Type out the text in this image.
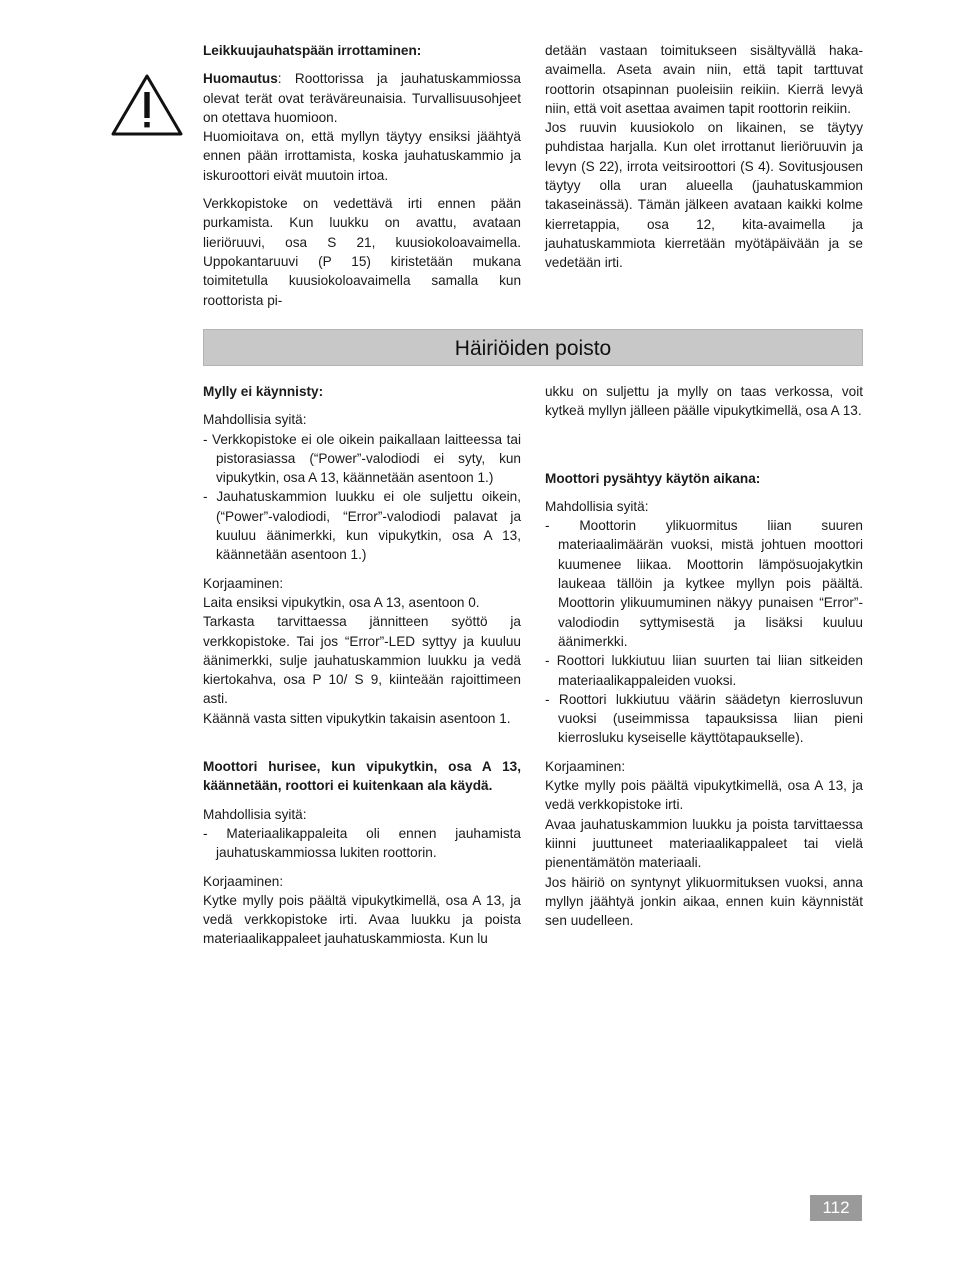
Leikkuujauhatspään irrottaminen:

Huomautus: Roottorissa ja jauhatuskammiossa olevat terät ovat teräväreunaisia. Turvallisuusohjeet on otettava huomioon.

Huomioitava on, että myllyn täytyy ensiksi jäähtyä ennen pään irrottamista, koska jauhatuskammio ja iskuroottori eivät muutoin irtoa.

Verkkopistoke on vedettävä irti ennen pään purkamista. Kun luukku on avattu, avataan lieriöruuvi, osa S 21, kuusiokoloavaimella. Uppokantaruuvi (P 15) kiristetään mukana toimitetulla kuusiokoloavaimella samalla kun roottorista pi-

detään vastaan toimitukseen sisältyvällä haka-avaimella. Aseta avain niin, että tapit tarttuvat roottorin otsapinnan puoleisiin reikiin. Kierrä levyä niin, että voit asettaa avaimen tapit roottorin reikiin.

Jos ruuvin kuusiokolo on likainen, se täytyy puhdistaa harjalla. Kun olet irrottanut lieriöruuvin ja levyn (S 22), irrota veitsiroottori (S 4). Sovitusjousen täytyy olla uran alueella (jauhatuskammion takaseinässä). Tämän jälkeen avataan kaikki kolme kierretappia, osa 12, kita-avaimella ja jauhatuskammiota kierretään myötäpäivään ja se vedetään irti.

Häiriöiden poisto

Mylly ei käynnisty:

Mahdollisia syitä:

- Verkkopistoke ei ole oikein paikallaan laitteessa tai pistorasiassa (“Power”-valodiodi ei syty, kun vipukytkin, osa A 13, käännetään asentoon 1.)

- Jauhatuskammion luukku ei ole suljettu oikein, (“Power”-valodiodi, “Error”-valodiodi palavat ja kuuluu äänimerkki, kun vipukytkin, osa A 13, käännetään asentoon 1.)

Korjaaminen:

Laita ensiksi vipukytkin, osa A 13, asentoon 0.

Tarkasta tarvittaessa jännitteen syöttö ja verkkopistoke. Tai jos “Error”-LED syttyy ja kuuluu äänimerkki, sulje jauhatuskammion luukku ja vedä kiertokahva, osa P 10/ S 9, kiinteään rajoittimeen asti.

Käännä vasta sitten vipukytkin takaisin asentoon 1.

Moottori hurisee, kun vipukytkin, osa A 13, käännetään, roottori ei kuitenkaan ala käydä.

Mahdollisia syitä:

- Materiaalikappaleita oli ennen jauhamista jauhatuskammiossa lukiten roottorin.

Korjaaminen:

Kytke mylly pois päältä vipukytkimellä, osa A 13, ja vedä verkkopistoke irti. Avaa luukku ja poista materiaalikappaleet jauhatuskammiosta. Kun lu

ukku on suljettu ja mylly on taas verkossa, voit kytkeä myllyn jälleen päälle vipukytkimellä, osa A 13.

Moottori pysähtyy käytön aikana:

Mahdollisia syitä:

- Moottorin ylikuormitus liian suuren materiaalimäärän vuoksi, mistä johtuen moottori kuumenee liikaa. Moottorin lämpösuojakytkin laukeaa tällöin ja kytkee myllyn pois päältä. Moottorin ylikuumuminen näkyy punaisen “Error”-valodiodin syttymisestä ja lisäksi kuuluu äänimerkki.

- Roottori lukkiutuu liian suurten tai liian sitkeiden materiaalikappaleiden vuoksi.

- Roottori lukkiutuu väärin säädetyn kierrosluvun vuoksi (useimmissa tapauksissa liian pieni kierrosluku kyseiselle käyttötapaukselle).

Korjaaminen:

Kytke mylly pois päältä vipukytkimellä, osa A 13, ja vedä verkkopistoke irti.

Avaa jauhatuskammion luukku ja poista tarvittaessa kiinni juuttuneet materiaalikappaleet tai vielä pienentämätön materiaali.

Jos häiriö on syntynyt ylikuormituksen vuoksi, anna myllyn jäähtyä jonkin aikaa, ennen kuin käynnistät sen uudelleen.

112
